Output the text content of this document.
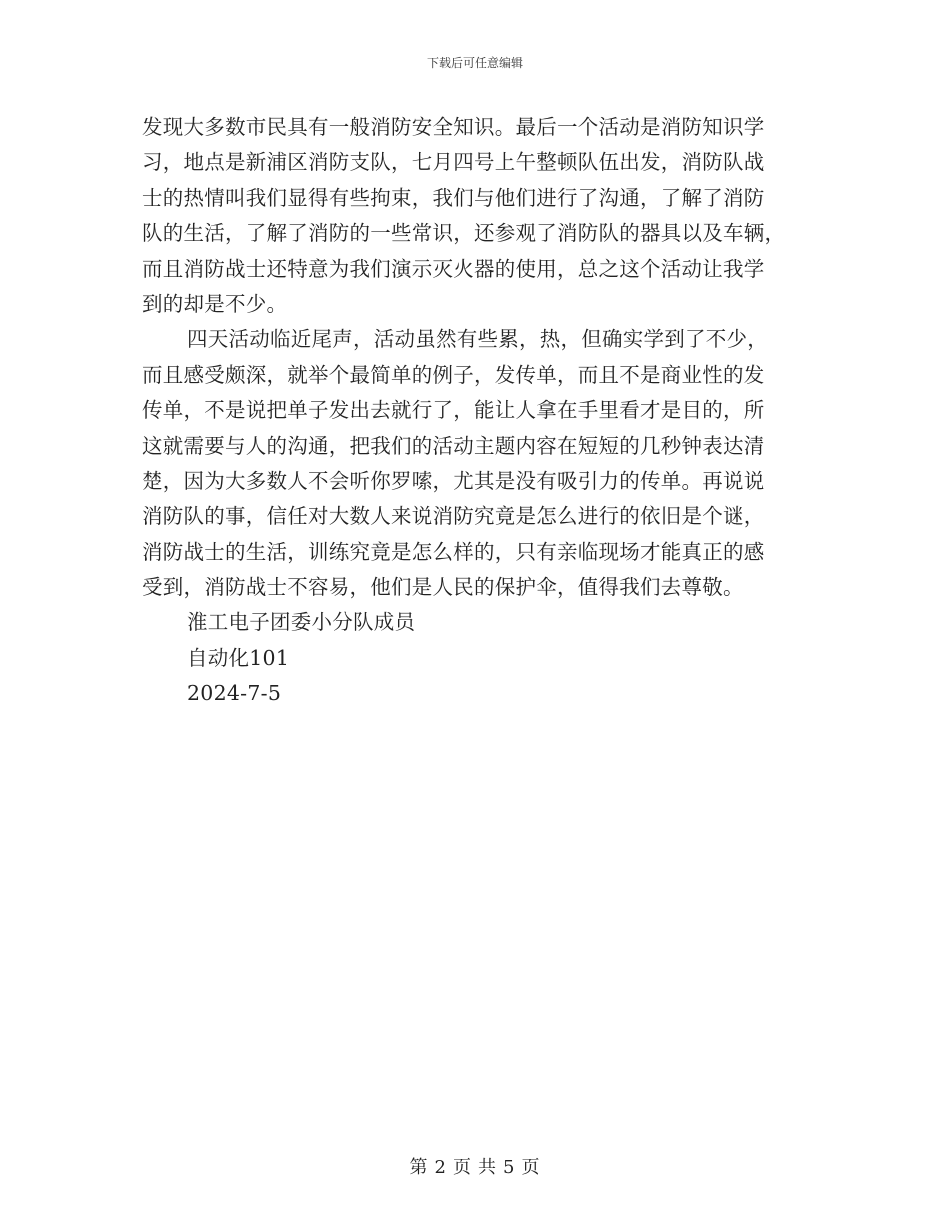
下载后可任意编辑
发现大多数市民具有一般消防安全知识。最后一个活动是消防知识学
习，地点是新浦区消防支队，七月四号上午整顿队伍出发，消防队战
士的热情叫我们显得有些拘束，我们与他们进行了沟通，了解了消防
队的生活，了解了消防的一些常识，还参观了消防队的器具以及车辆，
而且消防战士还特意为我们演示灭火器的使用，总之这个活动让我学
到的却是不少。
四天活动临近尾声，活动虽然有些累，热，但确实学到了不少，
而且感受颇深，就举个最简单的例子，发传单，而且不是商业性的发
传单，不是说把单子发出去就行了，能让人拿在手里看才是目的，所
这就需要与人的沟通，把我们的活动主题内容在短短的几秒钟表达清
楚，因为大多数人不会听你罗嗦，尤其是没有吸引力的传单。再说说
消防队的事，信任对大数人来说消防究竟是怎么进行的依旧是个谜，
消防战士的生活，训练究竟是怎么样的，只有亲临现场才能真正的感
受到，消防战士不容易，他们是人民的保护伞，值得我们去尊敬。
淮工电子团委小分队成员
自动化101
2024-7-5
第 2 页 共 5 页
